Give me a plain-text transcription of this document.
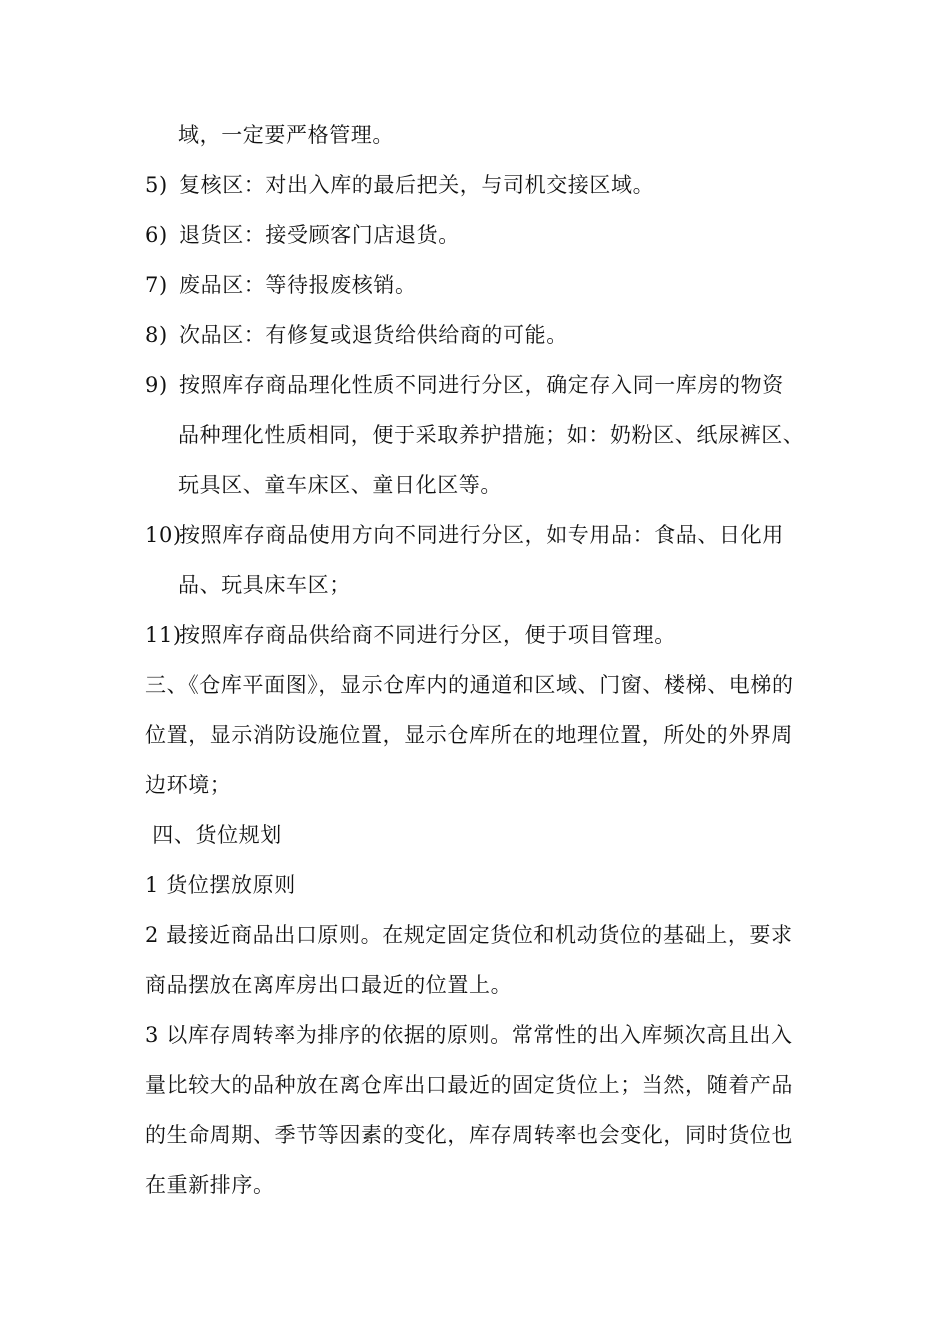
域，一定要严格管理。
5) 复核区：对出入库的最后把关，与司机交接区域。
6) 退货区：接受顾客门店退货。
7) 废品区：等待报废核销。
8) 次品区：有修复或退货给供给商的可能。
9) 按照库存商品理化性质不同进行分区，确定存入同一库房的物资
品种理化性质相同，便于采取养护措施；如：奶粉区、纸尿裤区、
玩具区、童车床区、童日化区等。
10)按照库存商品使用方向不同进行分区，如专用品：食品、日化用
品、玩具床车区；
11)按照库存商品供给商不同进行分区，便于项目管理。
三、《仓库平面图》，显示仓库内的通道和区域、门窗、楼梯、电梯的
位置，显示消防设施位置，显示仓库所在的地理位置，所处的外界周
边环境；
四、货位规划
1 货位摆放原则
2 最接近商品出口原则。在规定固定货位和机动货位的基础上，要求
商品摆放在离库房出口最近的位置上。
3 以库存周转率为排序的依据的原则。常常性的出入库频次高且出入
量比较大的品种放在离仓库出口最近的固定货位上；当然，随着产品
的生命周期、季节等因素的变化，库存周转率也会变化，同时货位也
在重新排序。
